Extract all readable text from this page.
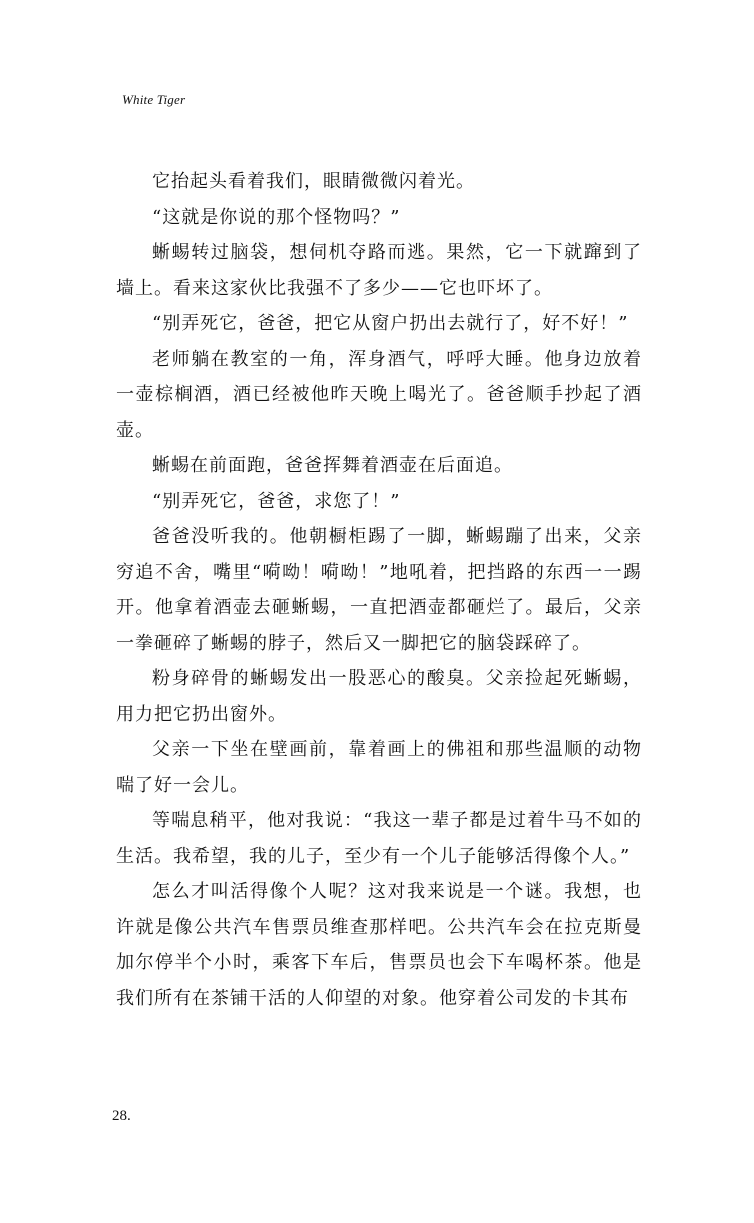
White Tiger

它抬起头看着我们，眼睛微微闪着光。

“这就是你说的那个怪物吗？”

蜥蜴转过脑袋，想伺机夺路而逃。果然，它一下就蹿到了墙上。看来这家伙比我强不了多少——它也吓坏了。

“别弄死它，爸爸，把它从窗户扔出去就行了，好不好！”

老师躺在教室的一角，浑身酒气，呼呼大睡。他身边放着一壶棕榈酒，酒已经被他昨天晚上喝光了。爸爸顺手抄起了酒壶。

蜥蜴在前面跑，爸爸挥舞着酒壶在后面追。

“别弄死它，爸爸，求您了！”

爸爸没听我的。他朝橱柜踢了一脚，蜥蜴蹦了出来，父亲穷追不舍，嘴里“嗬呦！嗬呦！”地吼着，把挡路的东西一一踢开。他拿着酒壶去砸蜥蜴，一直把酒壶都砸烂了。最后，父亲一拳砸碎了蜥蜴的脖子，然后又一脚把它的脑袋踩碎了。

粉身碎骨的蜥蜴发出一股恶心的酸臭。父亲捡起死蜥蜴，用力把它扔出窗外。

父亲一下坐在壁画前，靠着画上的佛祖和那些温顺的动物喘了好一会儿。

等喘息稍平，他对我说：“我这一辈子都是过着牛马不如的生活。我希望，我的儿子，至少有一个儿子能够活得像个人。”

怎么才叫活得像个人呢？这对我来说是一个谜。我想，也许就是像公共汽车售票员维查那样吧。公共汽车会在拉克斯曼加尔停半个小时，乘客下车后，售票员也会下车喝杯茶。他是我们所有在茶铺干活的人仰望的对象。他穿着公司发的卡其布

28.
